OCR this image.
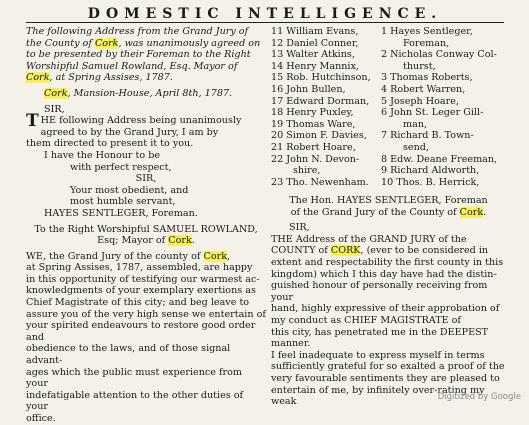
DOMESTIC INTELLIGENCE.

The following Address from the Grand Jury of

the County of Cork, was unanimously agreed on

to be presented by their Foreman to the Right

Worshipful Samuel Rowland, Esq. Mayor of

Cork, at Spring Assises, 1787.

Cork, Mansion-House, April 8th, 1787.
SIR,
T HE following Address being unanimously

agreed to by the Grand Jury, I am by

them directed to present it to you.

I have the Honour to be

with perfect respect,

SIR,

Your most obedient, and

most humble servant,

HAYES SENTLEGER, Foreman.

To the Right Worshipful SAMUEL ROWLAND,

Esq; Mayor of Cork.

WE, the Grand Jury of the county of Cork,

at Spring Assises, 1787, assembled, are happy

in this opportunity of testifying our warmest ac-

knowledgments of your exemplary exertions as

Chief Magistrate of this city; and beg leave to

assure you of the very high sense we entertain of

your spirited endeavours to restore good order and

obedience to the laws, and of those signal advant-

ages which the public must experience from your

indefatigable attention to the other duties of your

office.

11 William Evans,

12 Daniel Conner,

13 Walter Atkins,

14 Henry Mannix,

15 Rob. Hutchinson,

16 John Bullen,

17 Edward Dorman,

18 Henry Puxley,

19 Thomas Ware,

20 Simon F. Davies,

21 Robert Hoare,

22 John N. Devon-

shire,

23 Tho. Newenham.

1 Hayes Sentleger,

Foreman,

2 Nicholas Conway Col-

thurst,

3 Thomas Roberts,

4 Robert Warren,

5 Joseph Hoare,

6 John St. Leger Gill-

man,

7 Richard B. Town-

send,

8 Edw. Deane Freeman,

9 Richard Aldworth,

10 Thos. B. Herrick,

The Hon. HAYES SENTLEGER, Foreman

of the Grand Jury of the County of Cork.

SIR,

THE Address of the GRAND JURY of the

COUNTY of CORK, (ever to be considered in

extent and respectability the first county in this

kingdom) which I this day have had the distin-

guished honour of personally receiving from your

hand, highly expressive of their approbation of

my conduct as CHIEF MAGISTRATE of

this city, has penetrated me in the DEEPEST

manner.

I feel inadequate to express myself in terms

sufficiently grateful for so exalted a proof of the

very favourable sentiments they are pleased to

entertain of me, by infinitely over-rating my

weak	Digitized by Google
